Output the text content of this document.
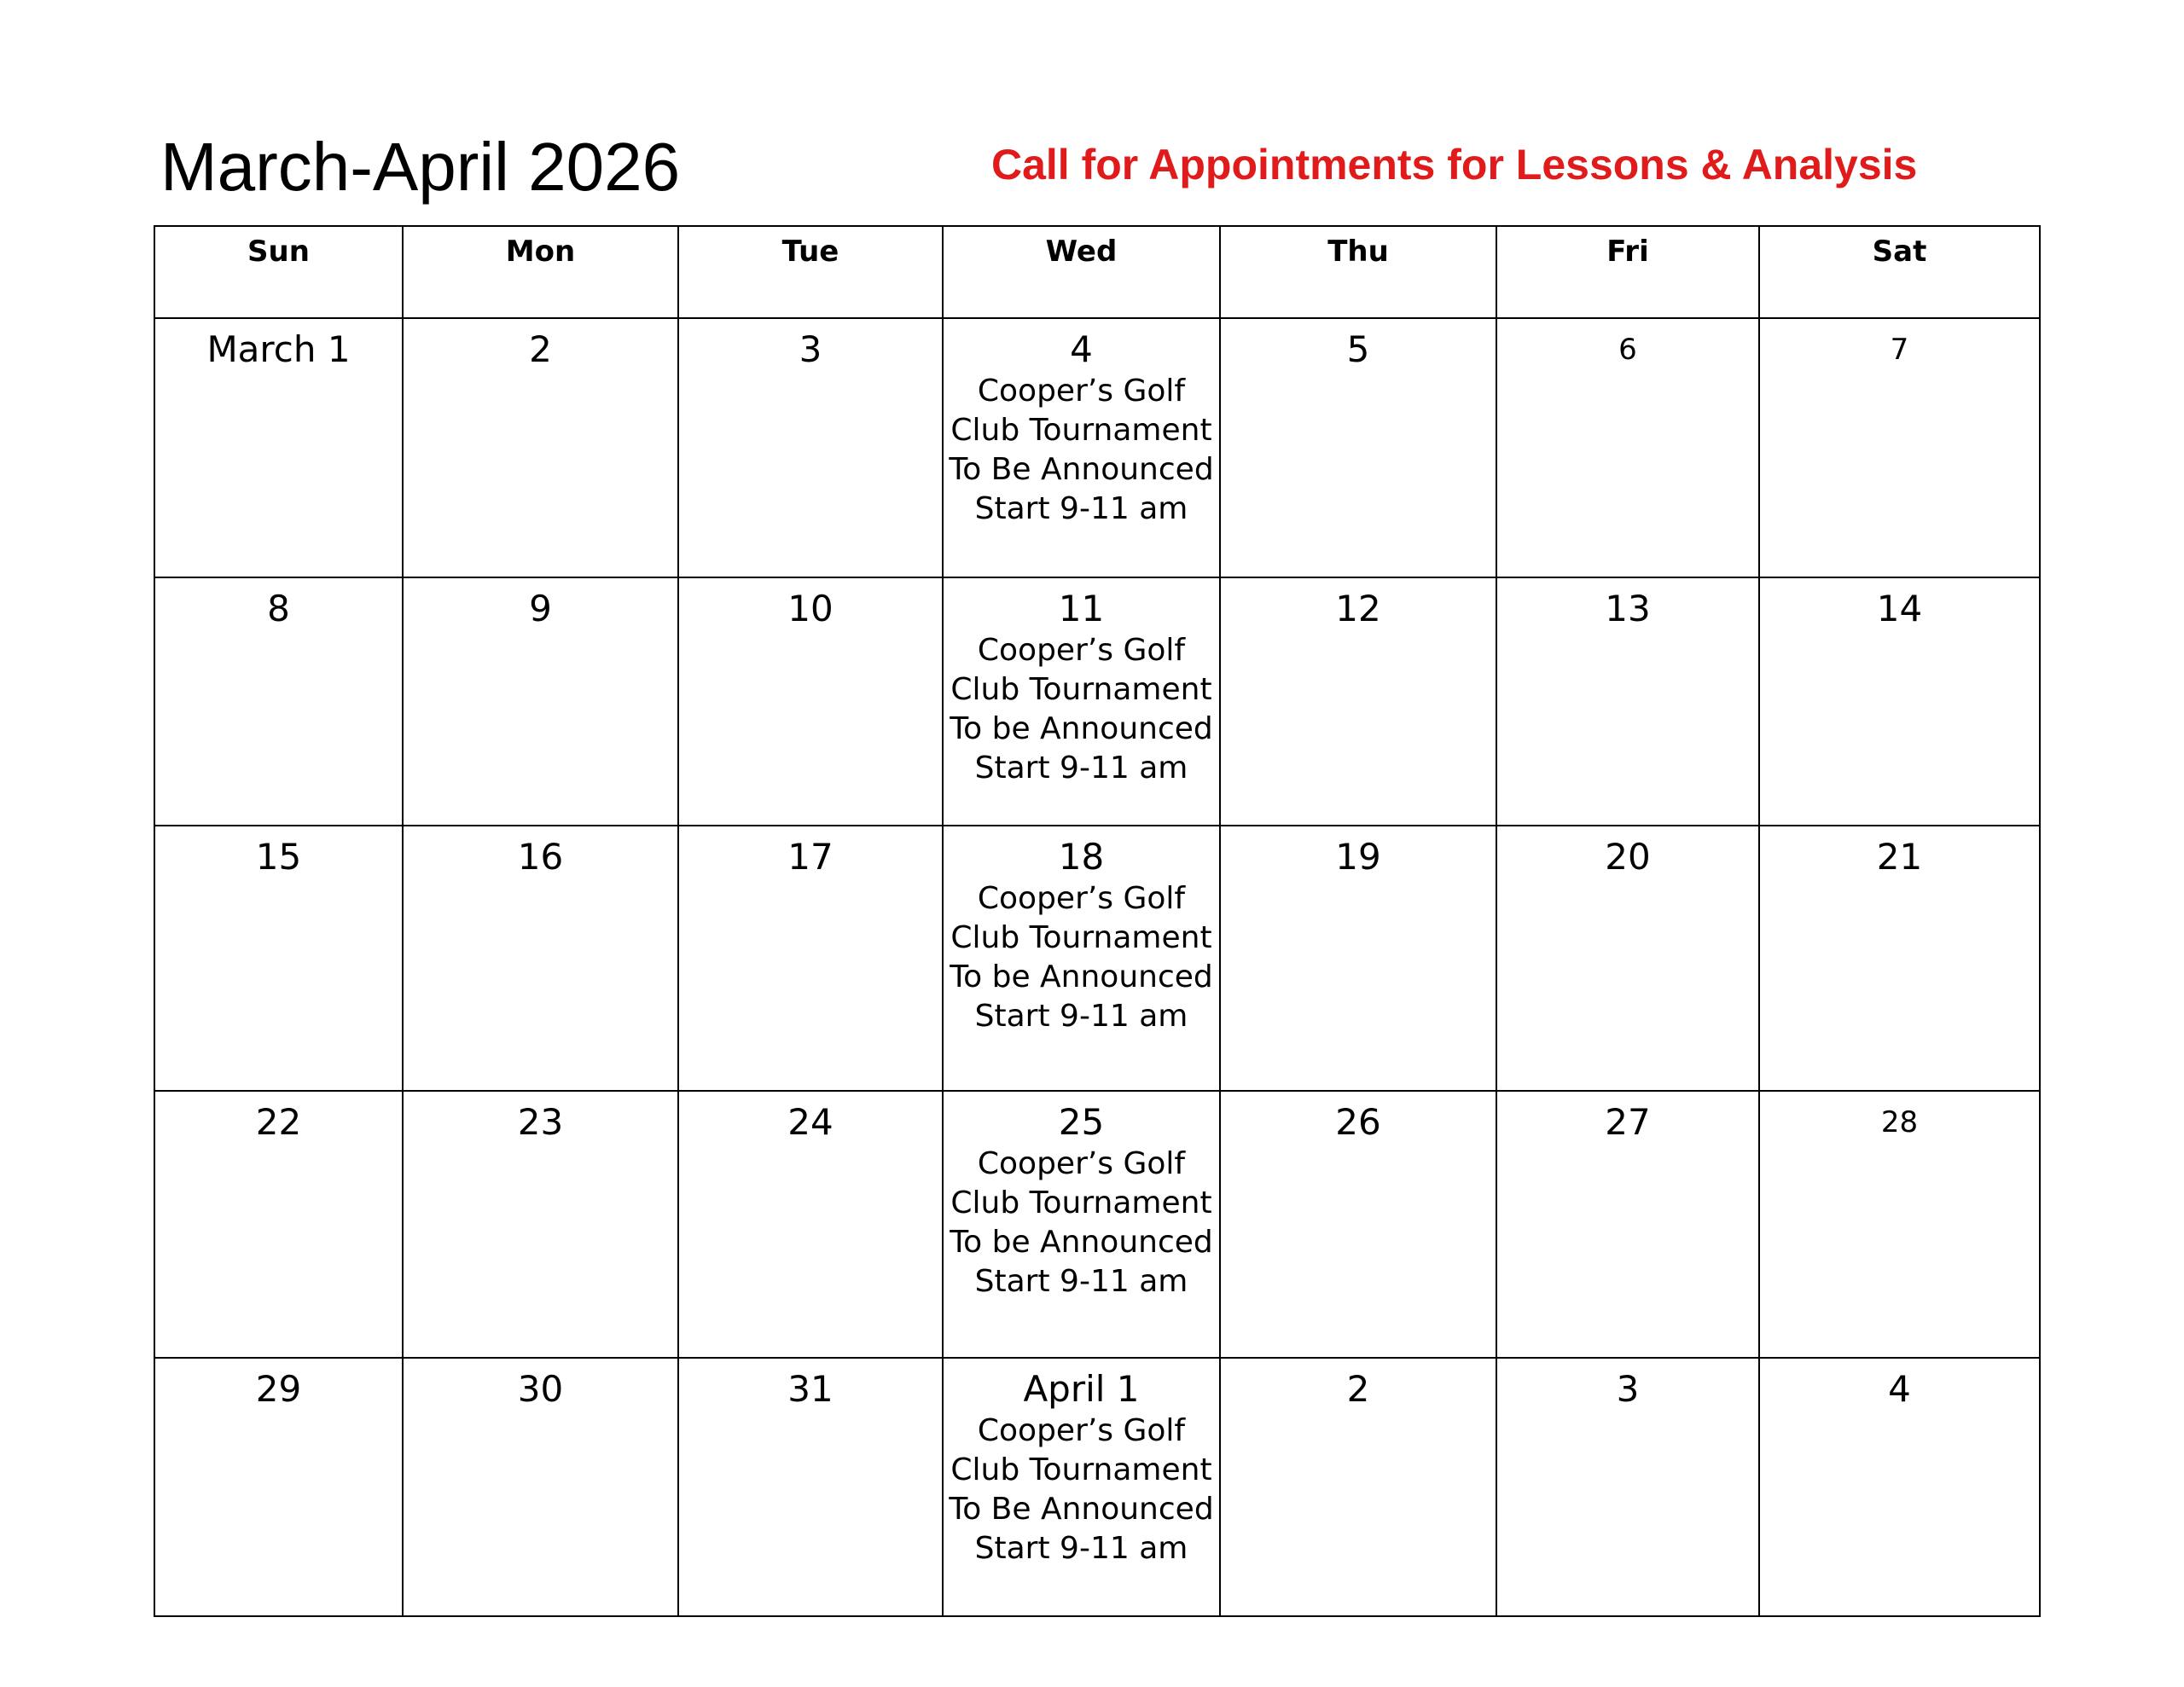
March-April 2026	Call for Appointments for Lessons & Analysis
Sun	Mon	Tue	Wed	Thu	Fri	Sat

March 1	2	3	4
Cooper’s Golf
Club Tournament
To Be Announced
Start 9-11 am	5	6	7

8	9	10	11
Cooper’s Golf
Club Tournament
To be Announced
Start 9-11 am	12	13	14

15	16	17	18
Cooper’s Golf
Club Tournament
To be Announced
Start 9-11 am	19	20	21

22	23	24	25
Cooper’s Golf
Club Tournament
To be Announced
Start 9-11 am	26	27	28

29	30	31	April 1
Cooper’s Golf
Club Tournament
To Be Announced
Start 9-11 am	2	3	4
